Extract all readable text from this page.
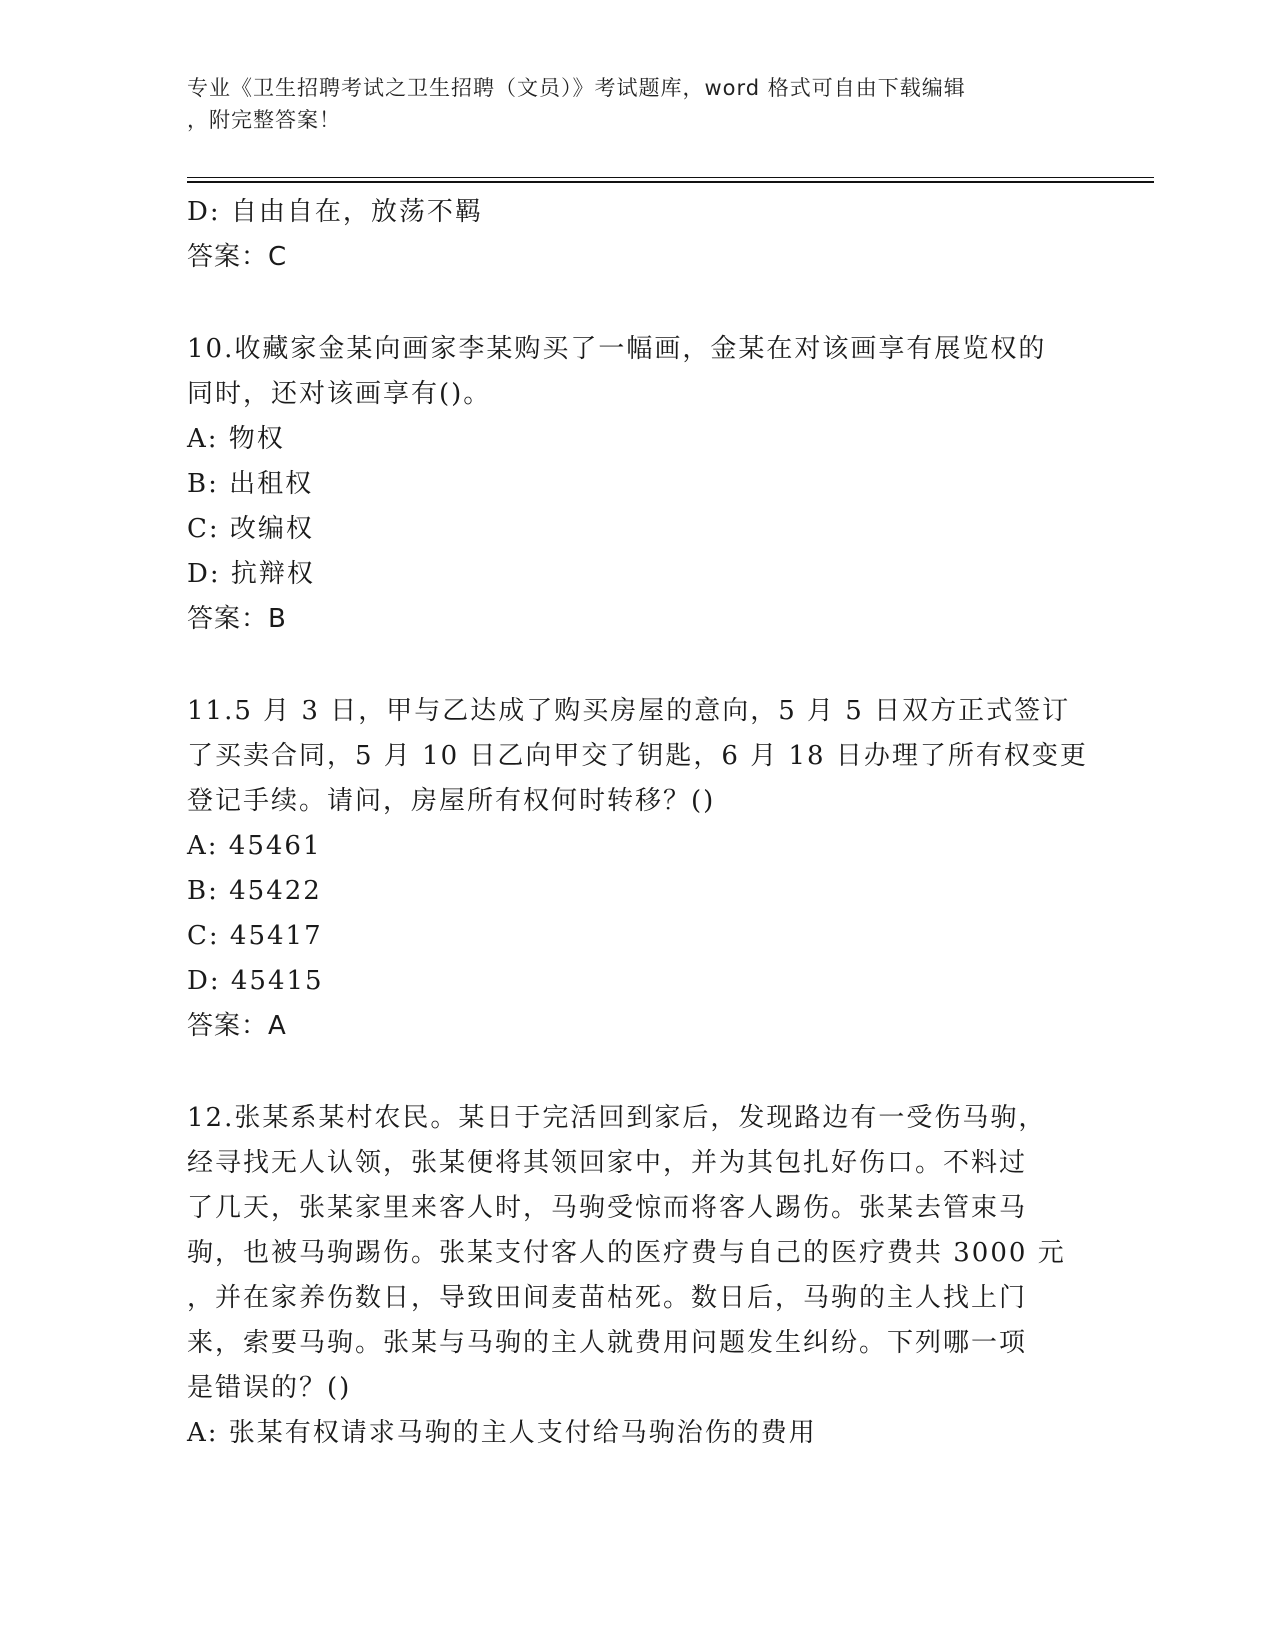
专业《卫生招聘考试之卫生招聘（文员）》考试题库，word 格式可自由下载编辑
，附完整答案！
D: 自由自在，放荡不羁
答案：C
10.收藏家金某向画家李某购买了一幅画，金某在对该画享有展览权的
同时，还对该画享有()。
A: 物权
B: 出租权
C: 改编权
D: 抗辩权
答案：B
11.5 月 3 日，甲与乙达成了购买房屋的意向，5 月 5 日双方正式签订
了买卖合同，5 月 10 日乙向甲交了钥匙，6 月 18 日办理了所有权变更
登记手续。请问，房屋所有权何时转移？()
A: 45461
B: 45422
C: 45417
D: 45415
答案：A
12.张某系某村农民。某日于完活回到家后，发现路边有一受伤马驹，
经寻找无人认领，张某便将其领回家中，并为其包扎好伤口。不料过
了几天，张某家里来客人时，马驹受惊而将客人踢伤。张某去管束马
驹，也被马驹踢伤。张某支付客人的医疗费与自己的医疗费共 3000 元
，并在家养伤数日，导致田间麦苗枯死。数日后，马驹的主人找上门
来，索要马驹。张某与马驹的主人就费用问题发生纠纷。下列哪一项
是错误的？()
A: 张某有权请求马驹的主人支付给马驹治伤的费用
